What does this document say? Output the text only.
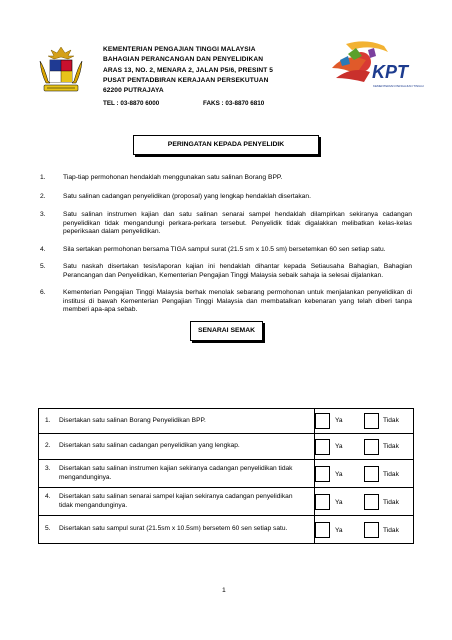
KEMENTERIAN PENGAJIAN TINGGI MALAYSIA
BAHAGIAN PERANCANGAN DAN PENYELIDIKAN
ARAS 13, NO. 2, MENARA 2, JALAN P5/6, PRESINT 5
PUSAT PENTADBIRAN KERAJAAN PERSEKUTUAN
62200 PUTRAJAYA
TEL : 03-8870 6000	FAKS : 03-8870 6810
KPT
KEMENTERIAN PENGAJIAN TINGGI
PERINGATAN KEPADA PENYELIDIK
1.	Tiap-tiap permohonan hendaklah menggunakan satu salinan Borang BPP.
2.	Satu salinan cadangan penyelidikan (proposal) yang lengkap hendaklah disertakan.
3.	Satu salinan instrumen kajian dan satu salinan senarai sampel hendaklah dilampirkan sekiranya cadangan penyelidikan tidak mengandungi perkara-perkara tersebut. Penyelidik tidak digalakkan melibatkan kelas-kelas peperiksaan dalam penyelidikan.
4.	Sila sertakan permohonan bersama TIGA sampul surat (21.5 sm x 10.5 sm) bersetemkan 60 sen setiap satu.
5.	Satu naskah disertakan tesis/laporan kajian ini hendaklah dihantar kepada Setiausaha Bahagian, Bahagian Perancangan dan Penyelidikan, Kementerian Pengajian Tinggi Malaysia sebaik sahaja ia selesai dijalankan.
6.	Kementerian Pengajian Tinggi Malaysia berhak menolak sebarang permohonan untuk menjalankan penyelidikan di institusi di bawah Kementerian Pengajian Tinggi Malaysia dan membatalkan kebenaran yang telah diberi tanpa memberi apa-apa sebab.
SENARAI SEMAK
1. Disertakan satu salinan Borang Penyelidikan BPP.	Ya Tidak

2. Disertakan satu salinan cadangan penyelidikan yang lengkap.	Ya Tidak

3. Disertakan satu salinan instrumen kajian sekiranya cadangan penyelidikan tidak mengandunginya.	Ya Tidak

4. Disertakan satu salinan senarai sampel kajian sekiranya cadangan penyelidikan tidak mengandunginya.	Ya Tidak

5. Disertakan satu sampul surat (21.5sm x 10.5sm) bersetem 60 sen setiap satu.	Ya Tidak
1
